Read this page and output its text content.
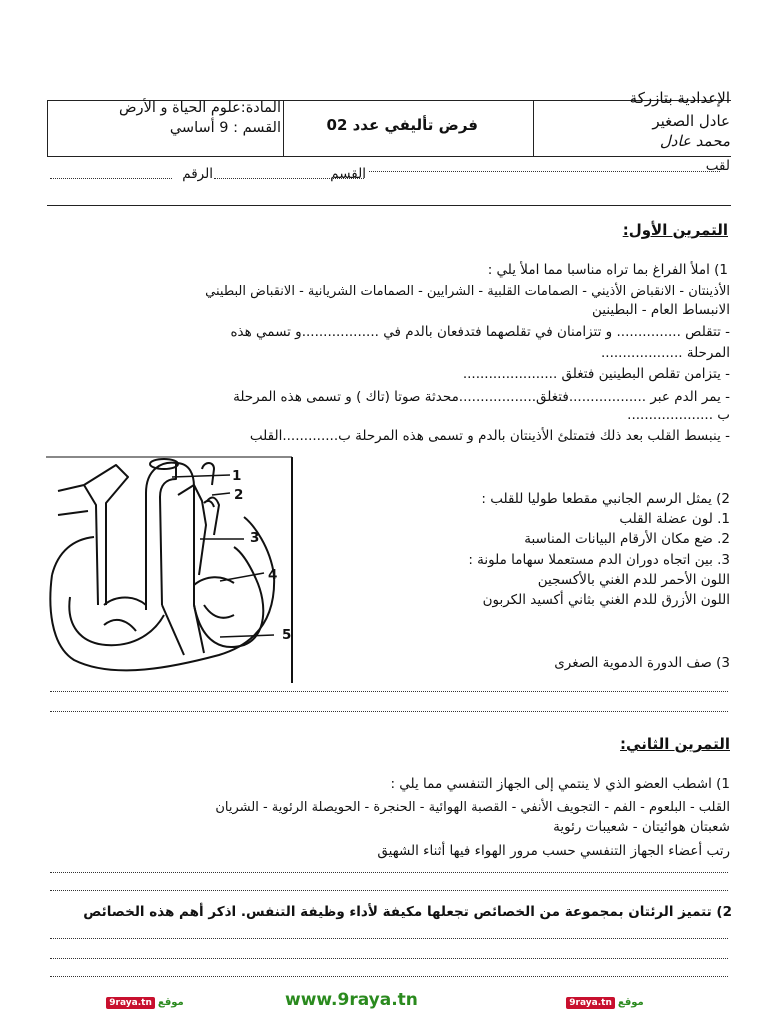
الإعدادية بتازركة
عادل الصغير
محمد عادل
فرض تأليفي عدد 02
المادة:علوم الحياة و الأرض
القسم : 9 أساسي
لقب
القسم
الرقم
التمرين الأول:
1) املأ الفراغ بما تراه مناسبا مما املأ يلي :
الأذينتان - الانقباض الأذيني - الصمامات القلبية - الشرايين - الصمامات الشريانية - الانقباض البطيني
الانبساط العام - البطينين
- تتقلص ............... و تتزامنان في تقلصهما فتدفعان بالدم في ..................و تسمي هذه
المرحلة ...................
- يتزامن تقلص البطينين فتغلق ......................
- يمر الدم عبر ..................فتغلق..................محدثة صوتا (تاك ) و تسمى هذه المرحلة
ب ....................
- ينبسط القلب بعد ذلك فتمتلئ الأذينتان بالدم و تسمى هذه المرحلة ب.............القلب
1
2
3
4
5
2) يمثل الرسم الجانبي مقطعا طوليا للقلب :
1. لون عضلة القلب
2. ضع مكان الأرقام البيانات المناسبة
3. بين اتجاه دوران الدم مستعملا سهاما ملونة :
اللون الأحمر للدم الغني بالأكسجين
اللون الأزرق للدم الغني بثاني أكسيد الكربون
3) صف الدورة الدموية الصغرى
التمرين الثاني:
1) اشطب العضو الذي لا ينتمي إلى الجهاز التنفسي مما يلي :
القلب - البلعوم - الفم - التجويف الأنفي - القصبة الهوائية - الحنجرة - الحويصلة الرئوية - الشريان
شعبتان هوائيتان - شعيبات رئوية
رتب أعضاء الجهاز التنفسي حسب مرور الهواء فيها أثناء الشهيق
2) تتميز الرئتان بمجموعة من الخصائص تجعلها مكيفة لأداء وظيفة التنفس. اذكر أهم هذه الخصائص
9raya.tn موقع	www.9raya.tn	9raya.tn موقع
